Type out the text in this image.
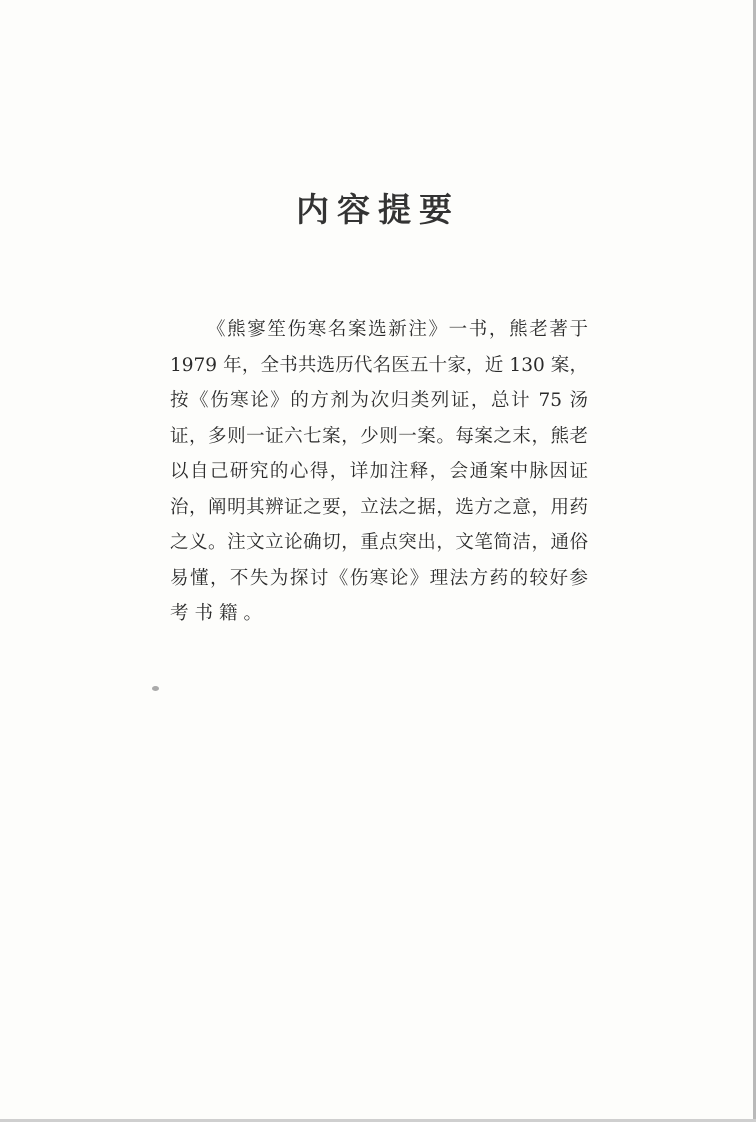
内容提要
《熊寥笙伤寒名案选新注》一书，熊老著于
1979 年，全书共选历代名医五十家，近 130 案，
按《伤寒论》的方剂为次归类列证，总计 75 汤
证，多则一证六七案，少则一案。每案之末，熊老
以自己研究的心得，详加注释，会通案中脉因证
治，阐明其辨证之要，立法之据，选方之意，用药
之义。注文立论确切，重点突出，文笔简洁，通俗
易懂，不失为探讨《伤寒论》理法方药的较好参
考书籍。
